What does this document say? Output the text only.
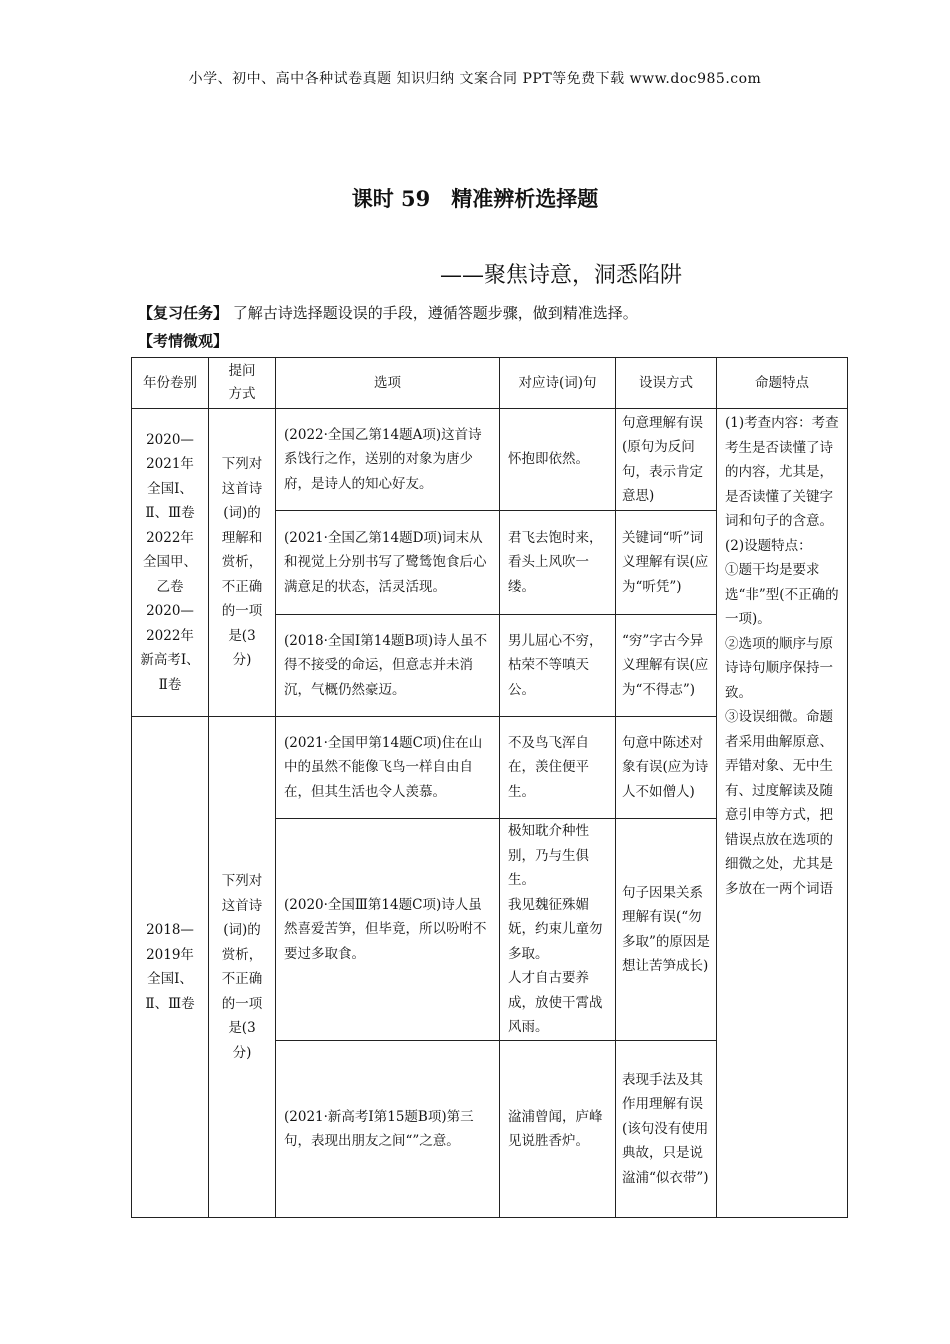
小学、初中、高中各种试卷真题 知识归纳 文案合同 PPT等免费下载 www.doc985.com
课时 59　精准辨析选择题
——聚焦诗意，洞悉陷阱
【复习任务】 了解古诗选择题设误的手段，遵循答题步骤，做到精准选择。
【考情微观】
年份卷别	提问方式	选项	对应诗(词)句	设误方式	命题特点
2020—2021年全国Ⅰ、Ⅱ、Ⅲ卷 2022年全国甲、乙卷 2020—2022年新高考Ⅰ、Ⅱ卷	下列对这首诗(词)的理解和赏析，不正确的一项是(3分)	(2022·全国乙第14题A项)这首诗系饯行之作，送别的对象为唐少府，是诗人的知心好友。	怀抱即依然。	句意理解有误(原句为反问句，表示肯定意思)	(1)考查内容：考查考生是否读懂了诗的内容，尤其是，是否读懂了关键字词和句子的含意。
(2)设题特点：
①题干均是要求选“非”型(不正确的一项)。
②选项的顺序与原诗诗句顺序保持一致。
③设误细微。命题者采用曲解原意、弄错对象、无中生有、过度解读及随意引申等方式，把错误点放在选项的细微之处，尤其是多放在一两个词语

		(2021·全国乙第14题D项)词末从和视觉上分别书写了鹭鸶饱食后心满意足的状态，活灵活现。	君飞去饱时来，看头上风吹一缕。	关键词“听”词义理解有误(应为“听凭”)	
		(2018·全国Ⅰ第14题B项)诗人虽不得不接受的命运，但意志并未消沉，气概仍然豪迈。	男儿屈心不穷，枯荣不等嗔天公。	“穷”字古今异义理解有误(应为“不得志”)	
2018—2019年全国Ⅰ、Ⅱ、Ⅲ卷	下列对这首诗(词)的赏析，不正确的一项是(3分)	(2021·全国甲第14题C项)住在山中的虽然不能像飞鸟一样自由自在，但其生活也令人羡慕。	不及鸟飞浑自在，羡住便平生。	句意中陈述对象有误(应为诗人不如僧人)	
		(2020·全国Ⅲ第14题C项)诗人虽然喜爱苦笋，但毕竟，所以吩咐不要过多取食。	极知耽介种性别，乃与生俱生。
我见魏征殊媚妩，约束儿童勿多取。
人才自古要养成，放使干霄战风雨。	句子因果关系理解有误(“勿多取”的原因是想让苦笋成长)	
		(2021·新高考Ⅰ第15题B项)第三句，表现出朋友之间“”之意。	湓浦曾闻，庐峰见说胜香炉。	表现手法及其作用理解有误(该句没有使用典故，只是说湓浦“似衣带”)	
